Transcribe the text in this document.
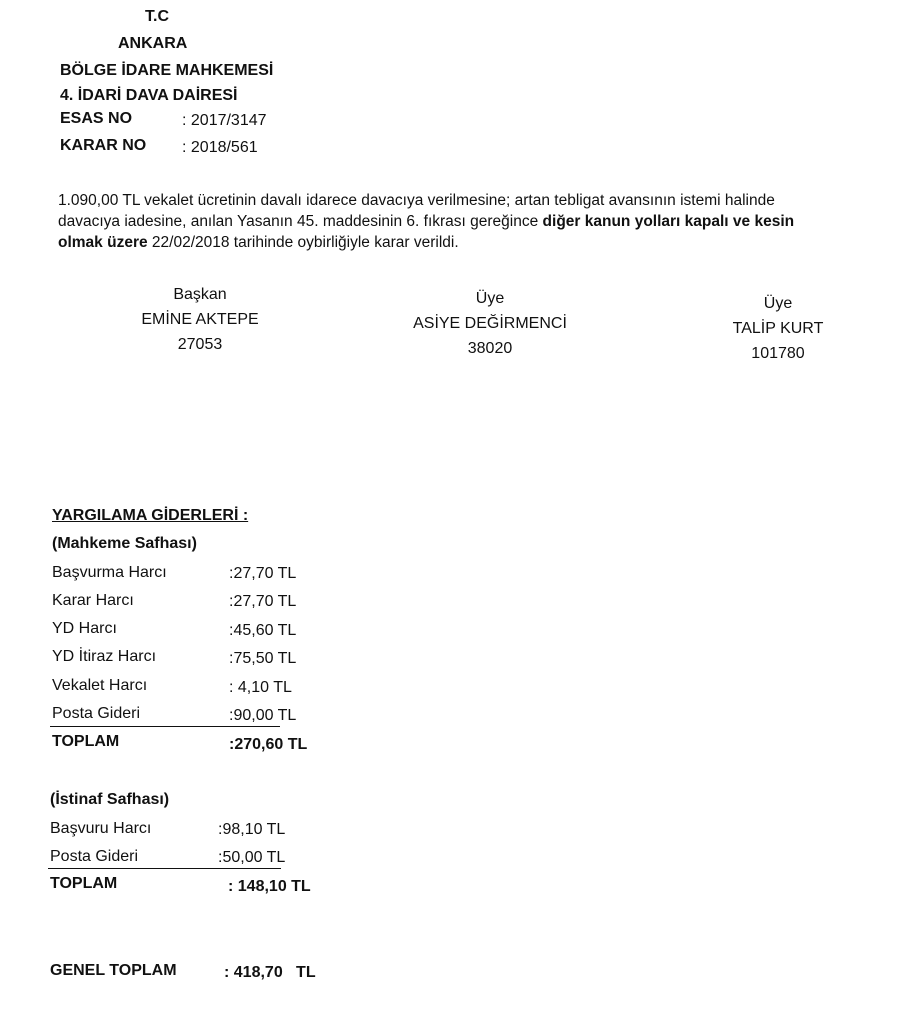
T.C
ANKARA
BÖLGE İDARE MAHKEMESİ
4. İDARİ DAVA DAİRESİ
ESAS NO	: 2017/3147
KARAR NO : 2018/561
1.090,00 TL vekalet ücretinin davalı idarece davacıya verilmesine; artan tebligat avansının istemi halinde
davacıya iadesine, anılan Yasanın 45. maddesinin 6. fıkrası gereğince diğer kanun yolları kapalı ve kesin
olmak üzere 22/02/2018 tarihinde oybirliğiyle karar verildi.
Başkan
EMİNE AKTEPE
27053
Üye
ASİYE DEĞİRMENCİ
38020
Üye
TALİP KURT
101780
YARGILAMA GİDERLERİ :
(Mahkeme Safhası)
Başvurma Harcı	:27,70 TL
Karar Harcı	:27,70 TL
YD Harcı	:45,60 TL
YD İtiraz Harcı	:75,50 TL
Vekalet Harcı	: 4,10 TL
Posta Gideri	:90,00 TL
TOPLAM	:270,60 TL
(İstinaf Safhası)
Başvuru Harcı	:98,10 TL
Posta Gideri	:50,00 TL
TOPLAM	: 148,10 TL
GENEL TOPLAM	: 418,70   TL
